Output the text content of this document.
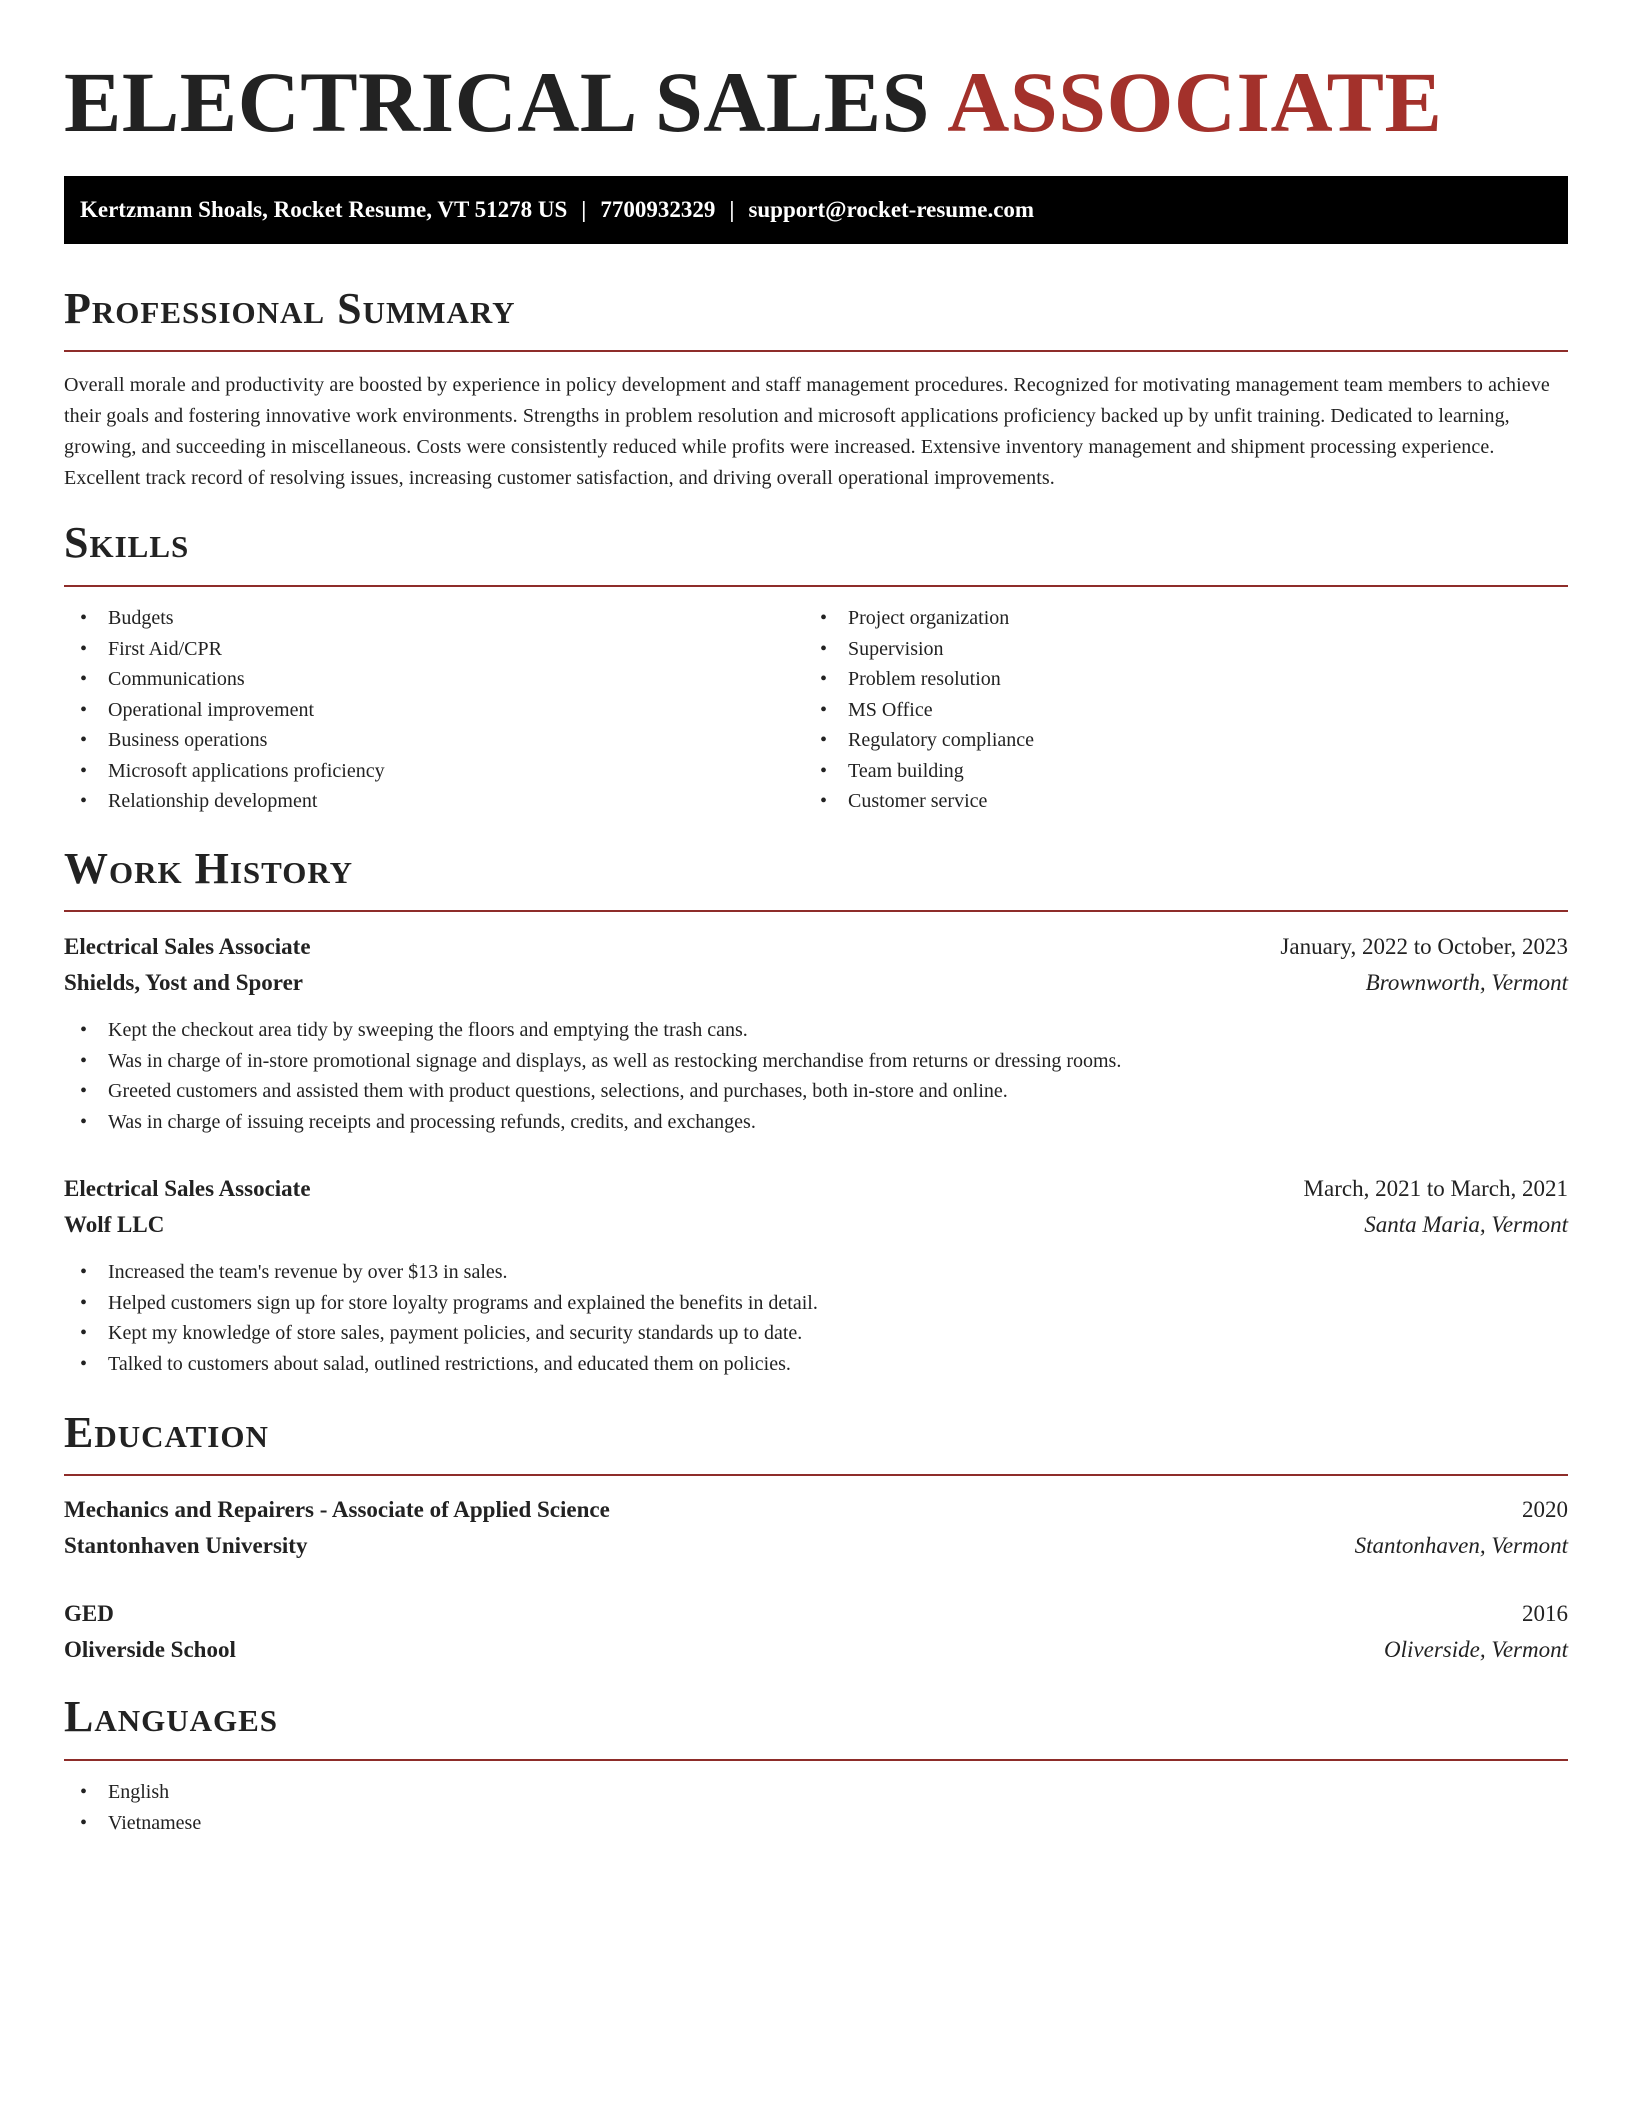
ELECTRICAL SALES ASSOCIATE
Kertzmann Shoals, Rocket Resume, VT 51278 US | 7700932329 | support@rocket-resume.com
Professional Summary

Overall morale and productivity are boosted by experience in policy development and staff management procedures. Recognized for motivating management team members to achieve their goals and fostering innovative work environments. Strengths in problem resolution and microsoft applications proficiency backed up by unfit training. Dedicated to learning, growing, and succeeding in miscellaneous. Costs were consistently reduced while profits were increased. Extensive inventory management and shipment processing experience. Excellent track record of resolving issues, increasing customer satisfaction, and driving overall operational improvements.

Skills
• Budgets
• First Aid/CPR
• Communications
• Operational improvement
• Business operations
• Microsoft applications proficiency
• Relationship development
• Project organization
• Supervision
• Problem resolution
• MS Office
• Regulatory compliance
• Team building
• Customer service
Work History
Electrical Sales Associate	January, 2022 to October, 2023
Shields, Yost and Sporer	Brownworth, Vermont
• Kept the checkout area tidy by sweeping the floors and emptying the trash cans.
• Was in charge of in-store promotional signage and displays, as well as restocking merchandise from returns or dressing rooms.
• Greeted customers and assisted them with product questions, selections, and purchases, both in-store and online.
• Was in charge of issuing receipts and processing refunds, credits, and exchanges.
Electrical Sales Associate	March, 2021 to March, 2021
Wolf LLC	Santa Maria, Vermont
• Increased the team's revenue by over $13 in sales.
• Helped customers sign up for store loyalty programs and explained the benefits in detail.
• Kept my knowledge of store sales, payment policies, and security standards up to date.
• Talked to customers about salad, outlined restrictions, and educated them on policies.
Education
Mechanics and Repairers - Associate of Applied Science	2020
Stantonhaven University	Stantonhaven, Vermont
GED	2016
Oliverside School	Oliverside, Vermont
Languages
• English
• Vietnamese
